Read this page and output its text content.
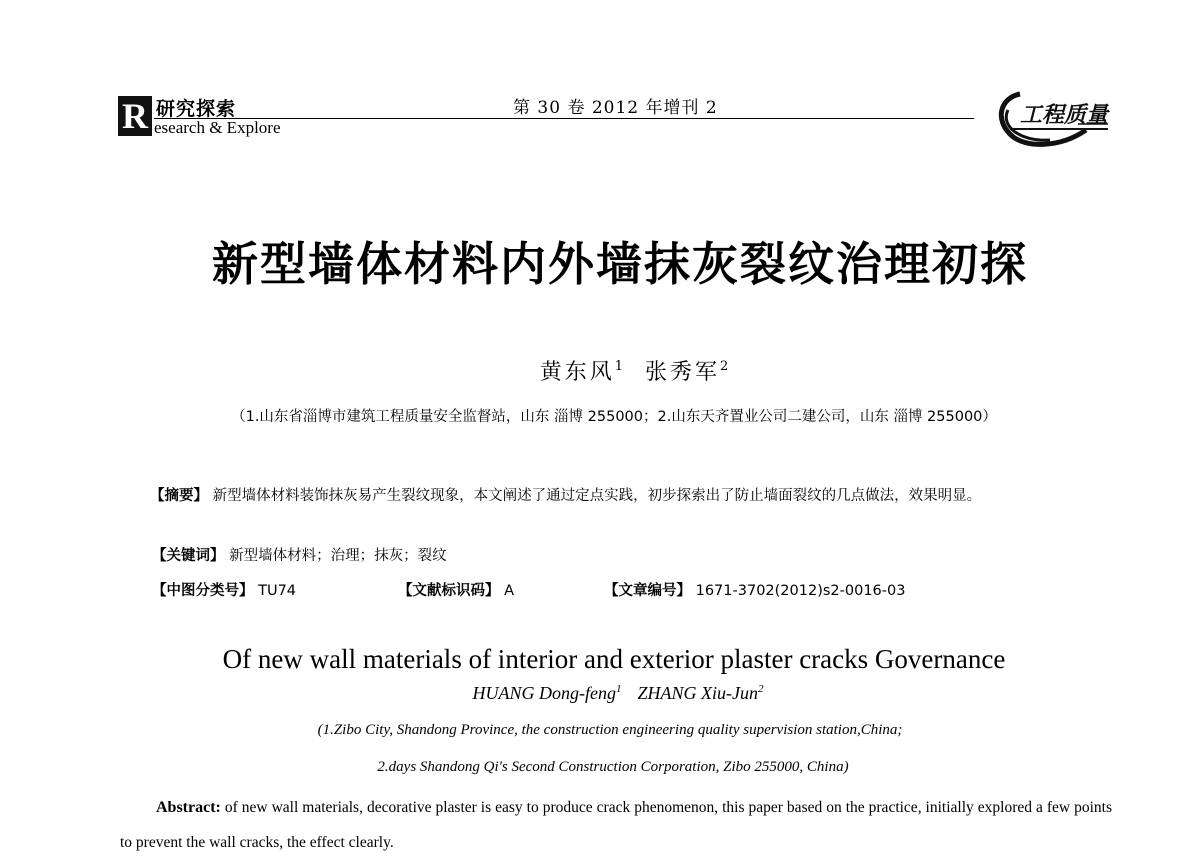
R 研究探索
esearch & Explore
第 30 卷 2012 年增刊 2	工程质量
新型墙体材料内外墙抹灰裂纹治理初探
黄东风$^1$ 张秀军$^2$
（1.山东省淄博市建筑工程质量安全监督站，山东 淄博 255000；2.山东天齐置业公司二建公司，山东 淄博 255000）
【摘要】 新型墙体材料装饰抹灰易产生裂纹现象，本文阐述了通过定点实践，初步探索出了防止墙面裂纹的几点做法，效果明显。
【关键词】 新型墙体材料；治理；抹灰；裂纹
【中图分类号】 TU74	【文献标识码】 A	【文章编号】 1671-3702(2012)s2-0016-03
Of new wall materials of interior and exterior plaster cracks Governance
HUANG Dong-feng$^1$ ZHANG Xiu-Jun$^2$
(1.Zibo City, Shandong Province, the construction engineering quality supervision station,China;
2.days Shandong Qi's Second Construction Corporation, Zibo 255000, China)
Abstract: of new wall materials, decorative plaster is easy to produce crack phenomenon, this paper based on the practice, initially explored a few points to prevent the wall cracks, the effect clearly.
